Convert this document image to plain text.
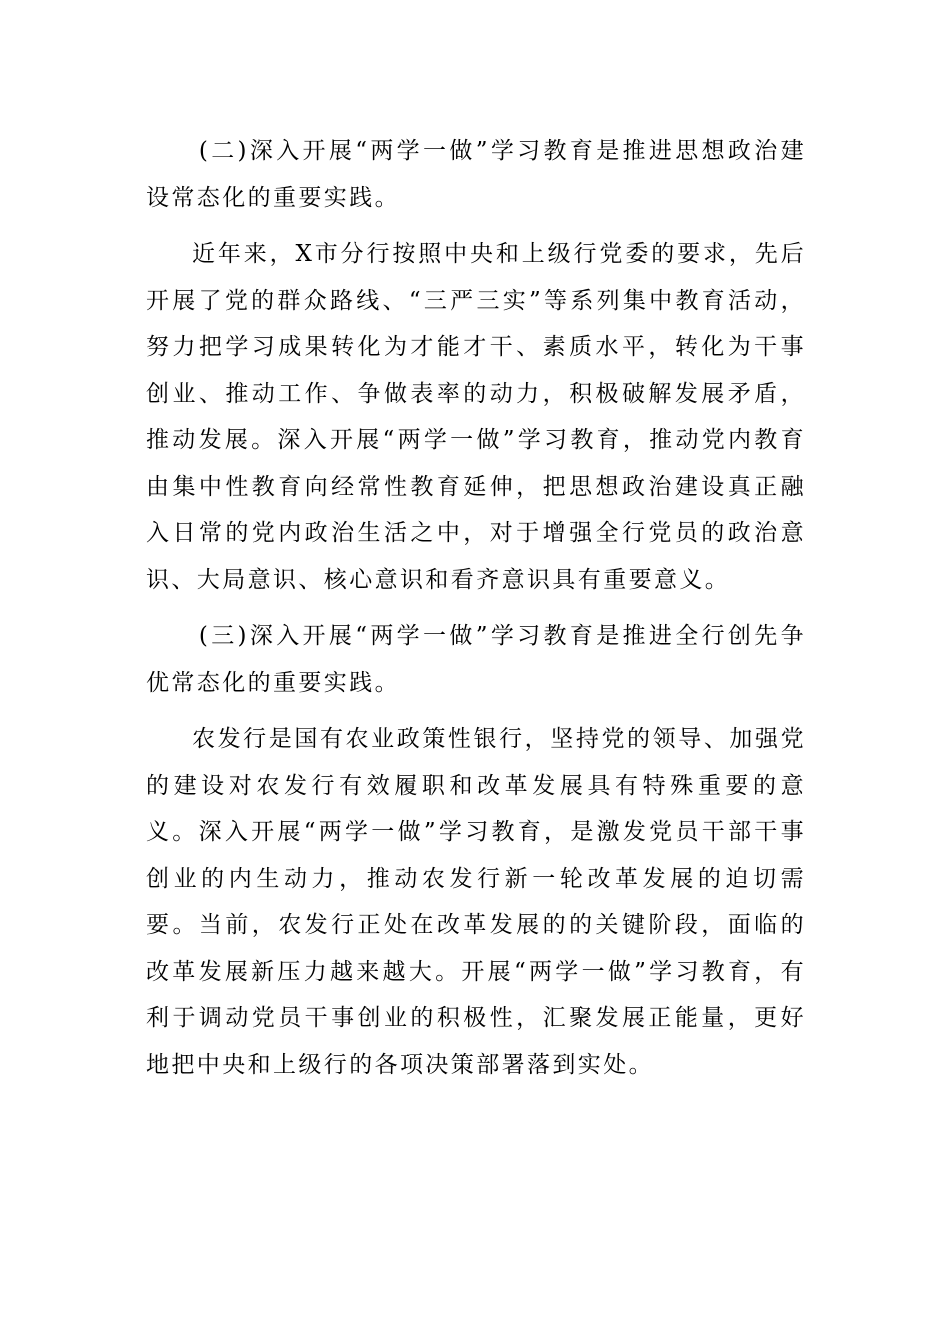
(二)深入开展“两学一做”学习教育是推进思想政治建设常态化的重要实践。

近年来，X市分行按照中央和上级行党委的要求，先后开展了党的群众路线、“三严三实”等系列集中教育活动，努力把学习成果转化为才能才干、素质水平，转化为干事创业、推动工作、争做表率的动力，积极破解发展矛盾，推动发展。深入开展“两学一做”学习教育，推动党内教育由集中性教育向经常性教育延伸，把思想政治建设真正融入日常的党内政治生活之中，对于增强全行党员的政治意识、大局意识、核心意识和看齐意识具有重要意义。

(三)深入开展“两学一做”学习教育是推进全行创先争优常态化的重要实践。

农发行是国有农业政策性银行，坚持党的领导、加强党的建设对农发行有效履职和改革发展具有特殊重要的意义。深入开展“两学一做”学习教育，是激发党员干部干事创业的内生动力，推动农发行新一轮改革发展的迫切需要。当前，农发行正处在改革发展的的关键阶段，面临的改革发展新压力越来越大。开展“两学一做”学习教育，有利于调动党员干事创业的积极性，汇聚发展正能量，更好地把中央和上级行的各项决策部署落到实处。
